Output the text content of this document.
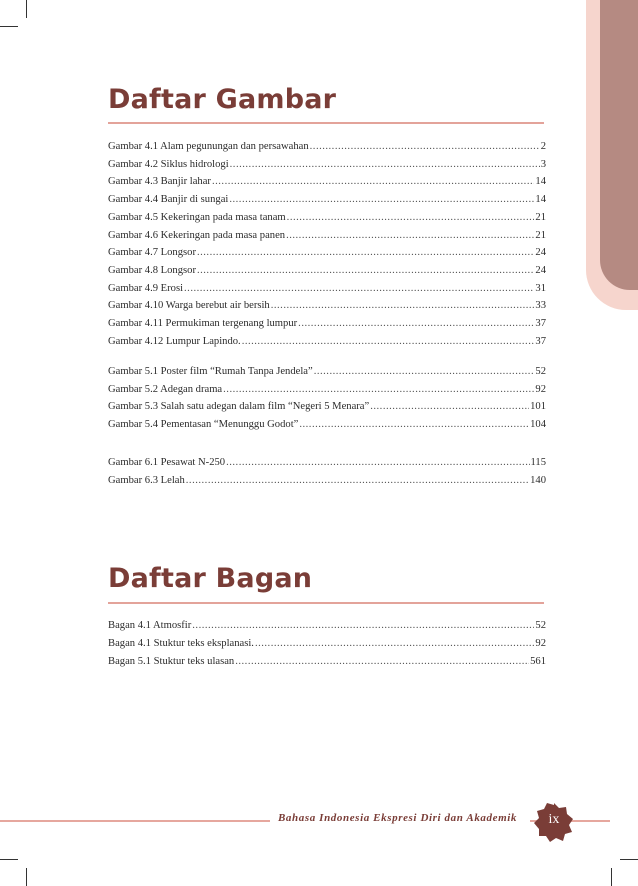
Daftar Gambar
Gambar 4.1 Alam pegunungan dan persawahan .....	2
Gambar 4.2 Siklus hidrologi .....	3
Gambar 4.3 Banjir lahar .....	14
Gambar 4.4 Banjir di sungai .....	14
Gambar 4.5 Kekeringan pada masa tanam .....	21
Gambar 4.6 Kekeringan pada masa panen .....	21
Gambar 4.7 Longsor .....	24
Gambar 4.8 Longsor .....	24
Gambar 4.9 Erosi .....	31
Gambar 4.10 Warga berebut air bersih .....	33
Gambar 4.11 Permukiman tergenang lumpur .....	37
Gambar 4.12 Lumpur Lapindo. .....	37
Gambar 5.1 Poster film “Rumah Tanpa Jendela” .....	52
Gambar 5.2 Adegan drama .....	92
Gambar 5.3 Salah satu adegan dalam film “Negeri 5 Menara” .....	101
Gambar 5.4 Pementasan “Menunggu Godot” .....	104
Gambar 6.1 Pesawat N-250 .....	115
Gambar 6.3 Lelah .....	140
Daftar Bagan
Bagan 4.1 Atmosfir .....	52
Bagan 4.1 Stuktur teks eksplanasi. .....	92
Bagan 5.1 Stuktur teks ulasan .....	561
Bahasa Indonesia Ekspresi Diri dan Akademik	ix
